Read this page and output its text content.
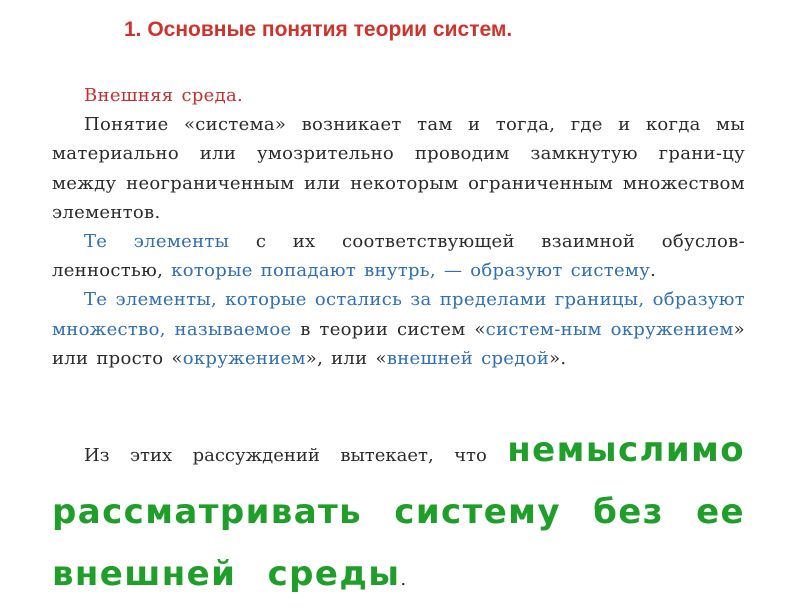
1. Основные понятия теории систем.

Внешняя среда.

Понятие «система» возникает там и тогда, где и когда мы материально или умозрительно проводим замкнутую грани-цу между неограниченным или некоторым ограниченным множеством элементов.

Те элементы с их соответствующей взаимной обуслов-ленностью, которые попадают внутрь, — образуют систему.

Те элементы, которые остались за пределами границы, образуют множество, называемое в теории систем «систем-ным окружением» или просто «окружением», или «внешней средой».

Из этих рассуждений вытекает, что немыслимо рассматривать систему без ее внешней среды.
